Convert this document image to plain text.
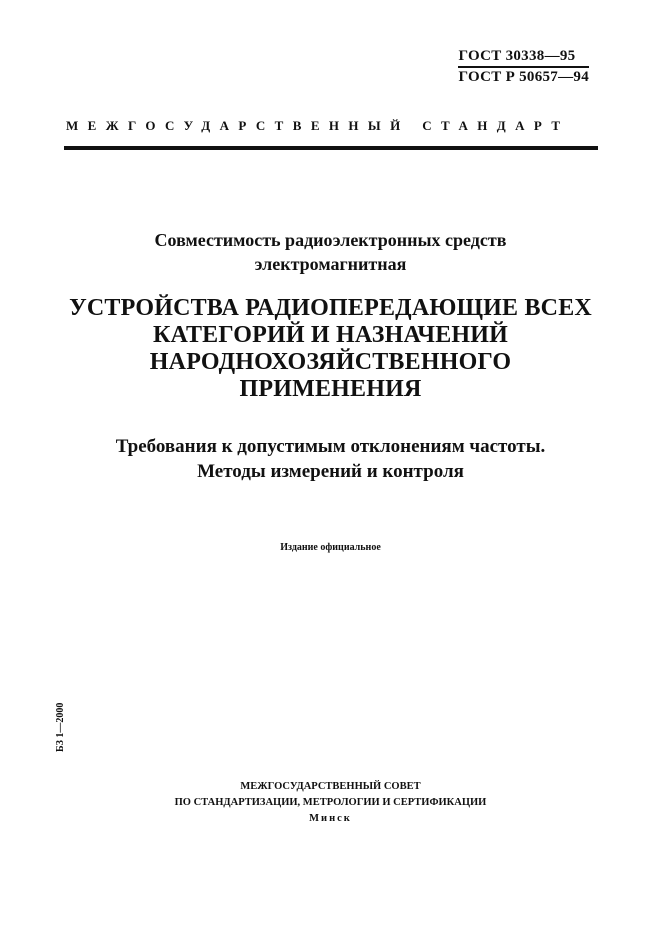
ГОСТ 30338—95
ГОСТ Р 50657—94
МЕЖГОСУДАРСТВЕННЫЙ СТАНДАРТ
Совместимость радиоэлектронных средств
электромагнитная
УСТРОЙСТВА РАДИОПЕРЕДАЮЩИЕ ВСЕХ
КАТЕГОРИЙ И НАЗНАЧЕНИЙ
НАРОДНОХОЗЯЙСТВЕННОГО
ПРИМЕНЕНИЯ
Требования к допустимым отклонениям частоты.
Методы измерений и контроля
Издание официальное
БЗ 1—2000
МЕЖГОСУДАРСТВЕННЫЙ СОВЕТ
ПО СТАНДАРТИЗАЦИИ, МЕТРОЛОГИИ И СЕРТИФИКАЦИИ
Минск
